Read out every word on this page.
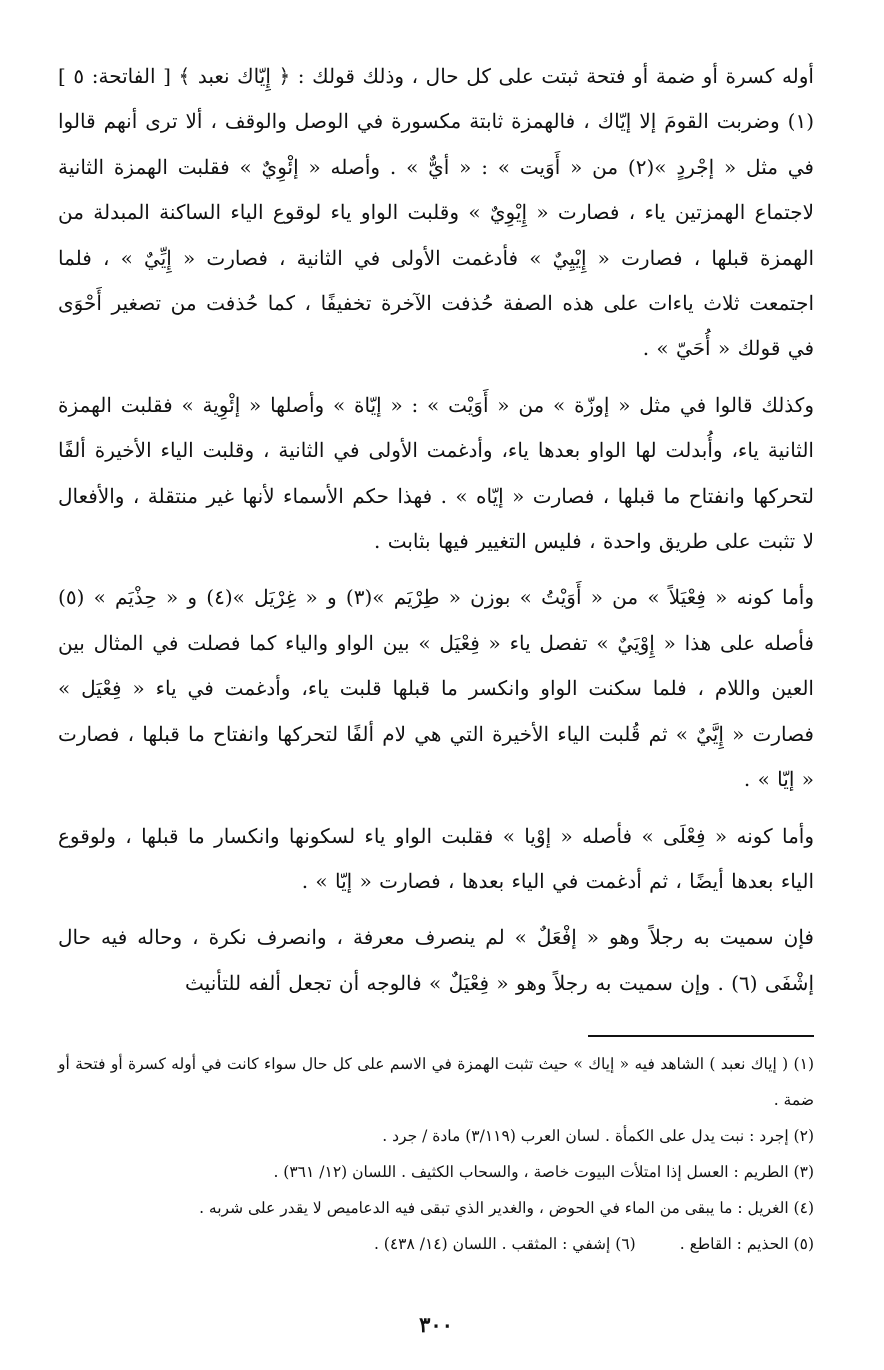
أوله كسرة أو ضمة أو فتحة ثبتت على كل حال ، وذلك قولك : ﴿ إِيّاك نعبد ﴾ [ الفاتحة: ٥ ](١) وضربت القومَ إلا إيّاك ، فالهمزة ثابتة مكسورة في الوصل والوقف ، ألا ترى أنهم قالوا في مثل « إجْردٍ »(٢) من « أَوَيت » : « أيٌّ » . وأصله « إئْوِيٌ » فقلبت الهمزة الثانية لاجتماع الهمزتين ياء ، فصارت « إِيْوِيٌ » وقلبت الواو ياء لوقوع الياء الساكنة المبدلة من الهمزة قبلها ، فصارت « إِيْيِيٌ » فأدغمت الأولى في الثانية ، فصارت « إِيِّيٌ » ، فلما اجتمعت ثلاث ياءات على هذه الصفة حُذفت الآخرة تخفيفًا ، كما حُذفت من تصغير أَحْوَى في قولك « أُحَيّ » .

وكذلك قالوا في مثل « إوزّة » من « أَوَيْت » : « إيّاة » وأصلها « إئْوِية » فقلبت الهمزة الثانية ياء، وأُبدلت لها الواو بعدها ياء، وأدغمت الأولى في الثانية ، وقلبت الياء الأخيرة ألفًا لتحركها وانفتاح ما قبلها ، فصارت « إيّاه » . فهذا حكم الأسماء لأنها غير منتقلة ، والأفعال لا تثبت على طريق واحدة ، فليس التغيير فيها بثابت .

وأما كونه « فِعْيَلاً » من « أَوَيْتُ » بوزن « طِرْيَم »(٣) و « غِرْيَل »(٤) و « حِذْيَم » (٥) فأصله على هذا « إِوْيَيٌ » تفصل ياء « فِعْيَل » بين الواو والياء كما فصلت في المثال بين العين واللام ، فلما سكنت الواو وانكسر ما قبلها قلبت ياء، وأدغمت في ياء « فِعْيَل » فصارت « إِيَّيٌ » ثم قُلبت الياء الأخيرة التي هي لام ألفًا لتحركها وانفتاح ما قبلها ، فصارت « إيّا » .

وأما كونه « فِعْلَى » فأصله « إوْيا » فقلبت الواو ياء لسكونها وانكسار ما قبلها ، ولوقوع الياء بعدها أيضًا ، ثم أدغمت في الياء بعدها ، فصارت « إيّا » .

فإن سميت به رجلاً وهو « إفْعَلٌ » لم ينصرف معرفة ، وانصرف نكرة ، وحاله فيه حال إشْفَى (٦) . وإن سميت به رجلاً وهو « فِعْيَلٌ » فالوجه أن تجعل ألفه للتأنيث

(١) ( إياك نعبد ) الشاهد فيه « إياك » حيث تثبت الهمزة في الاسم على كل حال سواء كانت في أوله كسرة أو فتحة أو ضمة .

(٢) إجرد : نبت يدل على الكمأة . لسان العرب (٣/١١٩) مادة / جرد .

(٣) الطريم : العسل إذا امتلأت البيوت خاصة ، والسحاب الكثيف . اللسان (١٢/ ٣٦١) .

(٤) الغريل : ما يبقى من الماء في الحوض ، والغدير الذي تبقى فيه الدعاميص لا يقدر على شربه .

(٥) الحذيم : القاطع .

(٦) إشفي : المثقب . اللسان (١٤/ ٤٣٨) .

٣٠٠
